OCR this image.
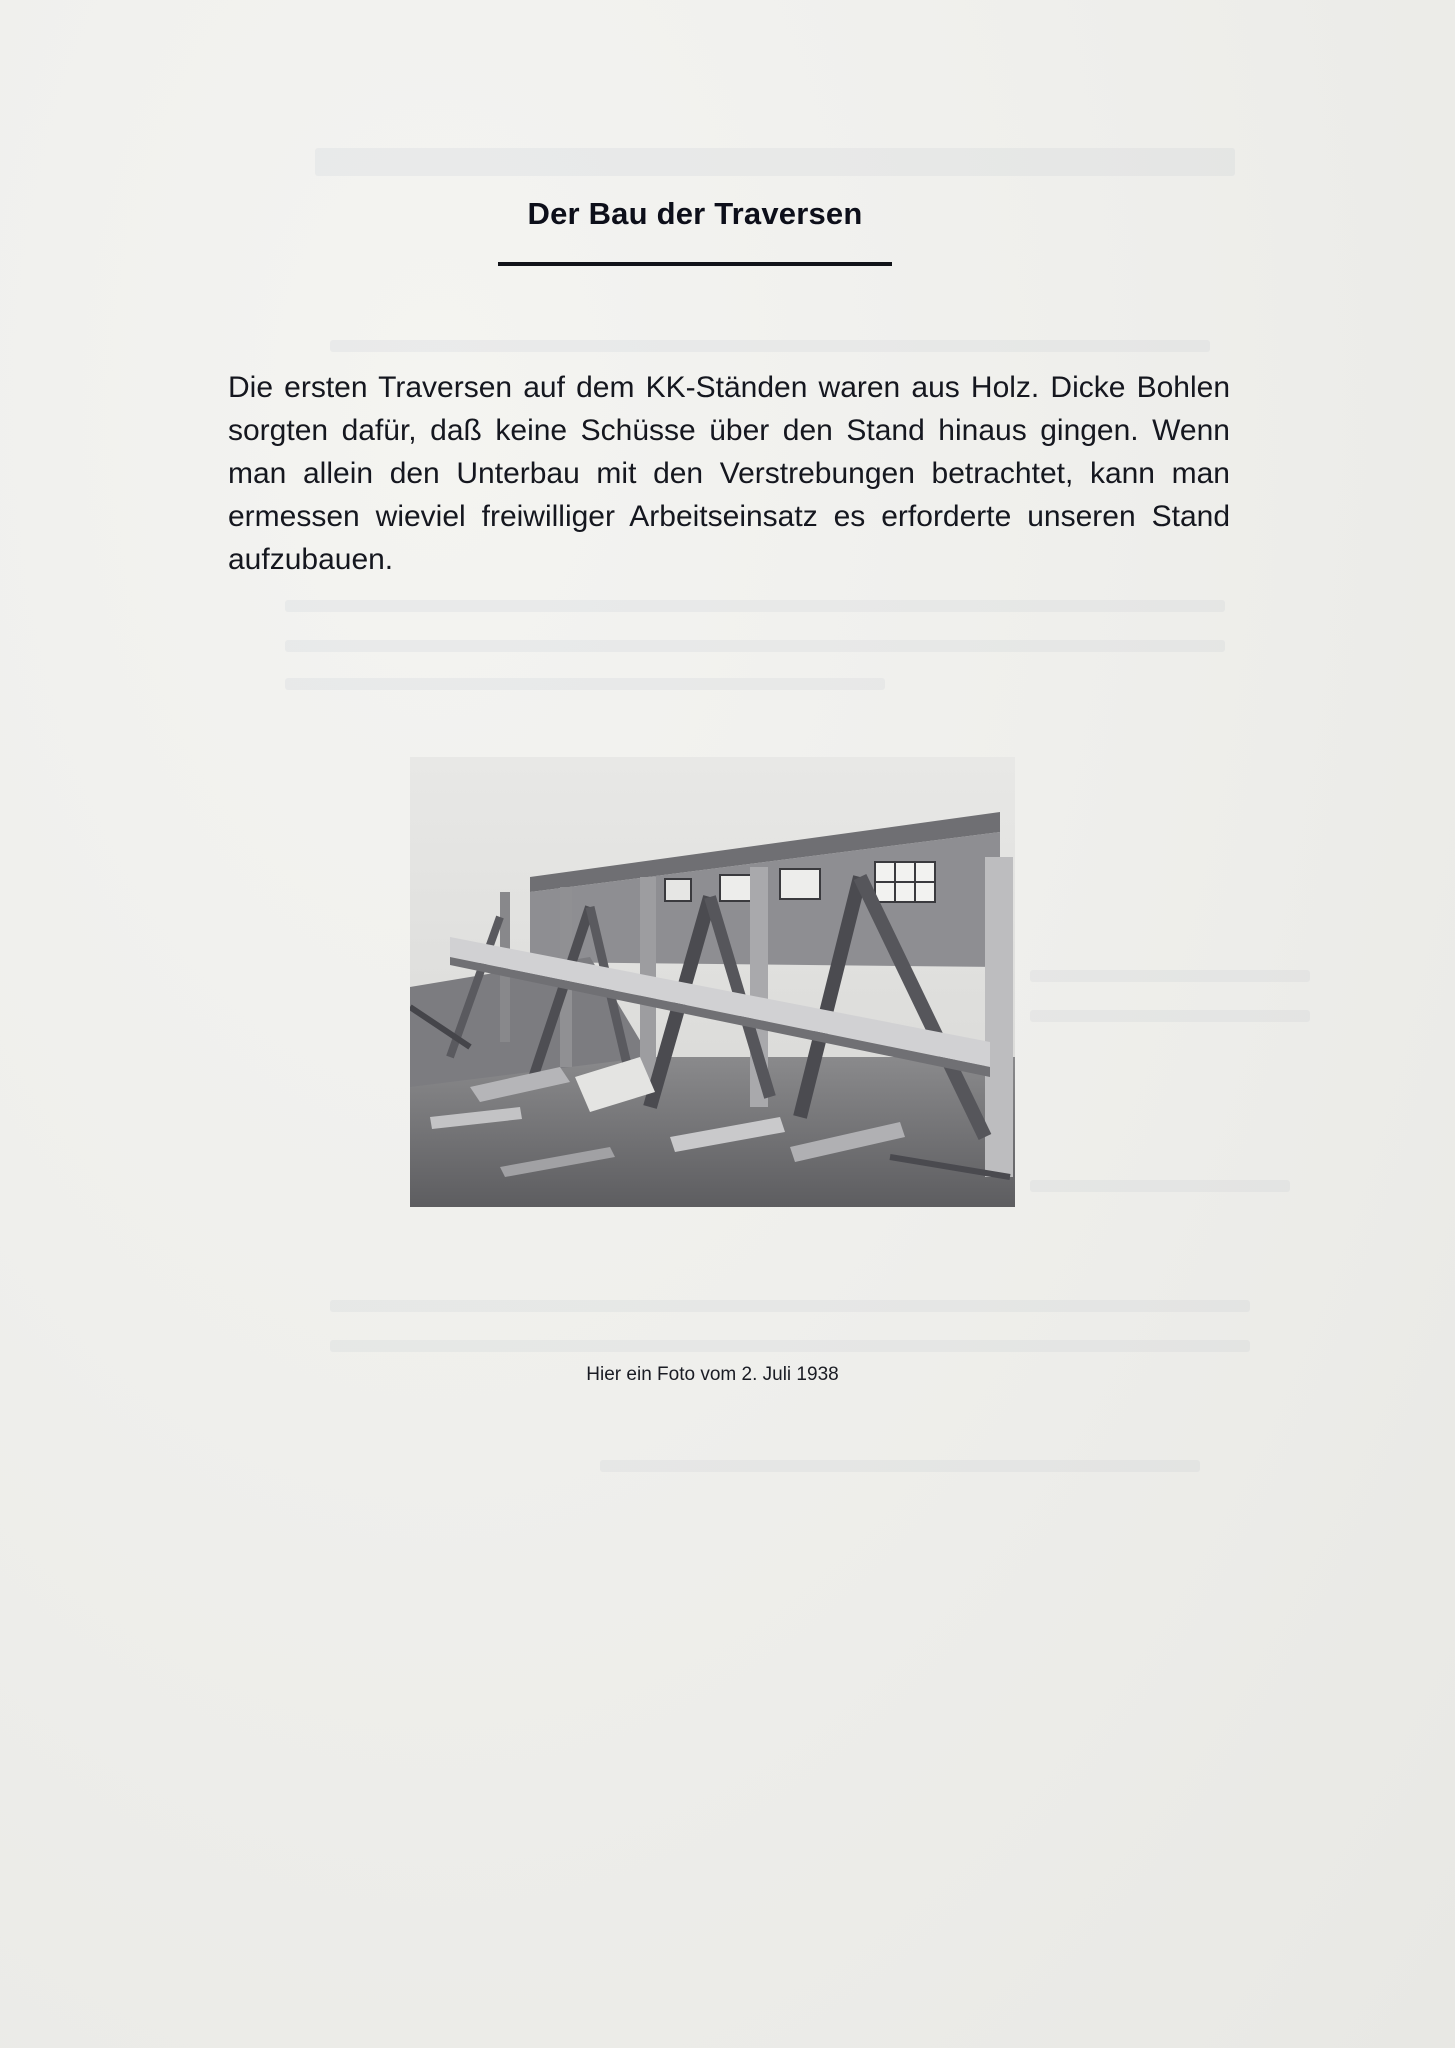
Der Bau der Traversen
Die ersten Traversen auf dem KK-Ständen waren aus Holz. Dicke Bohlen sorgten dafür, daß keine Schüsse über den Stand hinaus gingen. Wenn man allein den Unterbau mit den Verstrebungen betrachtet, kann man ermessen wieviel freiwilliger Arbeitseinsatz es erforderte unseren Stand aufzubauen.
Hier ein Foto vom 2. Juli 1938
